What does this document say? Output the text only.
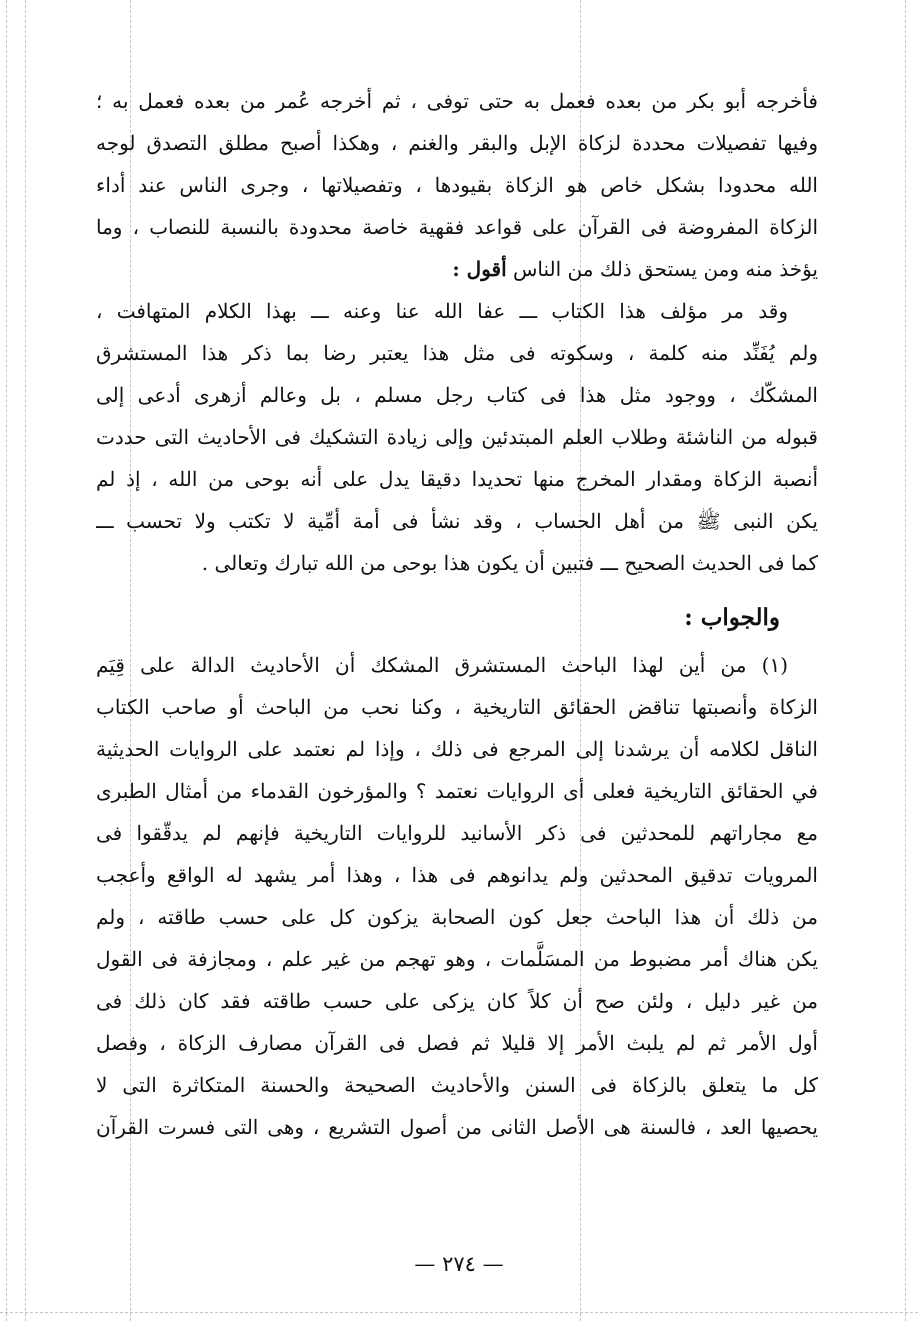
فأخرجه أبو بكر من بعده فعمل به حتى توفى ، ثم أخرجه عُمر من بعده فعمل به ؛
وفيها تفصيلات محددة لزكاة الإبل والبقر والغنم ، وهكذا أصبح مطلق التصدق لوجه
الله محدودا بشكل خاص هو الزكاة بقيودها ، وتفصيلاتها ، وجرى الناس عند أداء
الزكاة المفروضة فى القرآن على قواعد فقهية خاصة محدودة بالنسبة للنصاب ، وما
يؤخذ منه ومن يستحق ذلك من الناس أقول :
وقد مر مؤلف هذا الكتاب ـــ عفا الله عنا وعنه ـــ بهذا الكلام المتهافت ،
ولم يُفَنِّد منه كلمة ، وسكوته فى مثل هذا يعتبر رضا بما ذكر هذا المستشرق
المشكّك ، ووجود مثل هذا فى كتاب رجل مسلم ، بل وعالم أزهرى أدعى إلى
قبوله من الناشئة وطلاب العلم المبتدئين وإلى زيادة التشكيك فى الأحاديث التى حددت
أنصبة الزكاة ومقدار المخرج منها تحديدا دقيقا يدل على أنه بوحى من الله ، إذ لم
يكن النبى ﷺ من أهل الحساب ، وقد نشأ فى أمة أمِّية لا تكتب ولا تحسب ـــ
كما فى الحديث الصحيح ـــ فتبين أن يكون هذا بوحى من الله تبارك وتعالى .
والجواب :
(١) من أين لهذا الباحث المستشرق المشكك أن الأحاديث الدالة على قِيَم
الزكاة وأنصبتها تناقض الحقائق التاريخية ، وكنا نحب من الباحث أو صاحب الكتاب
الناقل لكلامه أن يرشدنا إلى المرجع فى ذلك ، وإذا لم نعتمد على الروايات الحديثية
في الحقائق التاريخية فعلى أى الروايات نعتمد ؟ والمؤرخون القدماء من أمثال الطبرى
مع مجاراتهم للمحدثين فى ذكر الأسانيد للروايات التاريخية فإنهم لم يدقّقوا فى
المرويات تدقيق المحدثين ولم يدانوهم فى هذا ، وهذا أمر يشهد له الواقع وأعجب
من ذلك أن هذا الباحث جعل كون الصحابة يزكون كل على حسب طاقته ، ولم
يكن هناك أمر مضبوط من المسَلَّمات ، وهو تهجم من غير علم ، ومجازفة فى القول
من غير دليل ، ولئن صح أن كلاً كان يزكى على حسب طاقته فقد كان ذلك فى
أول الأمر ثم لم يلبث الأمر إلا قليلا ثم فصل فى القرآن مصارف الزكاة ، وفصل
كل ما يتعلق بالزكاة فى السنن والأحاديث الصحيحة والحسنة المتكاثرة التى لا
يحصيها العد ، فالسنة هى الأصل الثانى من أصول التشريع ، وهى التى فسرت القرآن
— ٢٧٤ —
